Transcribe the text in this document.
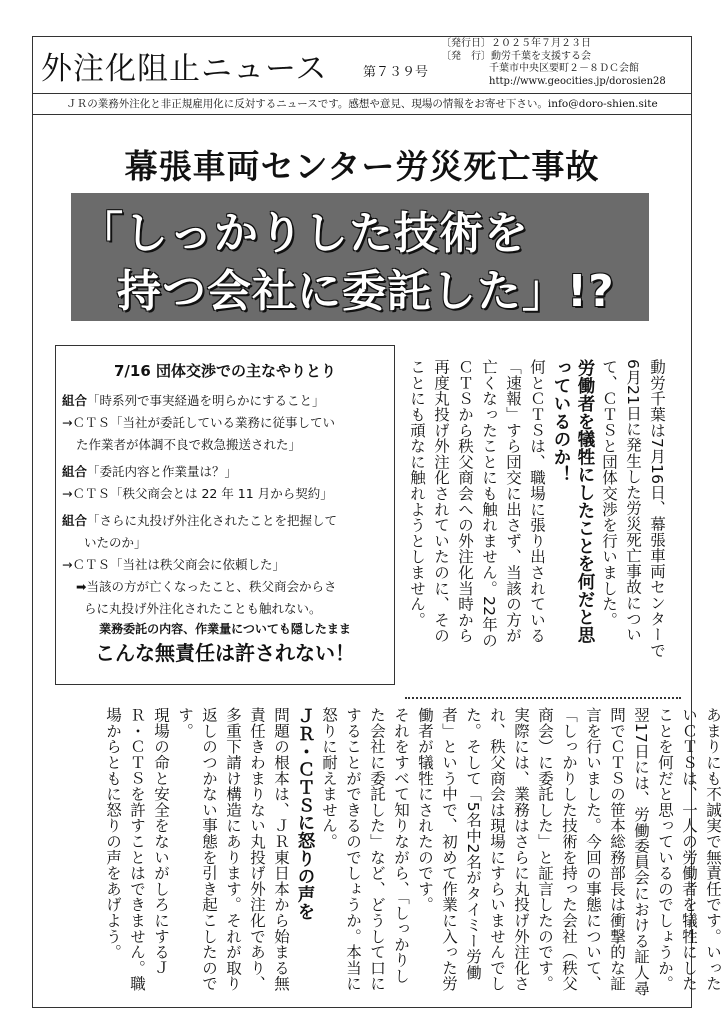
外注化阻止ニュース	第７３９号
〔発行日〕２０２５年７月２３日
〔発　行〕動労千葉を支援する会

千葉市中央区要町２－８ＤＣ会館
http://www.geocities.jp/dorosien28
ＪＲの業務外注化と非正規雇用化に反対するニュースです。感想や意見、現場の情報をお寄せ下さい。info@doro-shien.site
幕張車両センター労災死亡事故
「しっかりした技術を
持つ会社に委託した」!?
7/16 団体交渉での主なやりとり

組合「時系列で事実経過を明らかにすること」

→ＣＴＳ「当社が委託している業務に従事してい

た作業者が体調不良で救急搬送された」

組合「委託内容と作業量は？」

→ＣＴＳ「秩父商会とは 22 年 11 月から契約」

組合「さらに丸投げ外注化されたことを把握して

いたのか」

→ＣＴＳ「当社は秩父商会に依頼した」

➡当該の方が亡くなったこと、秩父商会からさ

らに丸投げ外注化されたことも触れない。

業務委託の内容、作業量についても隠したまま
こんな無責任は許されない！	動労千葉は7月16日、幕張車両センターで6月21日に発生した労災死亡事故について、ＣＴＳと団体交渉を行いました。

労働者を犠牲にしたことを何だと思っているのか！

何とＣＴＳは、職場に張り出されている「速報」すら団交に出さず、当該の方が亡くなったことにも触れません。22年のＣＴＳから秩父商会への外注化当時から再度丸投げ外注化されていたのに、そのことにも頑なに触れようとしません。

あまりにも不誠実で無責任です。いったいＣＴＳは、一人の労働者を犠牲にしたことを何だと思っているのでしょうか。

翌17日には、労働委員会における証人尋問でＣＴＳの笹本総務部長は衝撃的な証言を行いました。今回の事態について、「しっかりした技術を持った会社（秩父商会）に委託した」と証言したのです。

実際には、業務はさらに丸投げ外注化され、秩父商会は現場にすらいませんでした。そして「5名中2名がタイミー労働者」という中で、初めて作業に入った労働者が犠牲にされたのです。

それをすべて知りながら、「しっかりした会社に委託した」など、どうして口にすることができるのでしょうか。本当に怒りに耐えません。

ＪＲ・ＣＴＳに怒りの声を

問題の根本は、ＪＲ東日本から始まる無責任きわまりない丸投げ外注化であり、多重下請け構造にあります。それが取り返しのつかない事態を引き起こしたのです。

現場の命と安全をないがしろにするＪＲ・ＣＴＳを許すことはできません。職場からともに怒りの声をあげよう。
